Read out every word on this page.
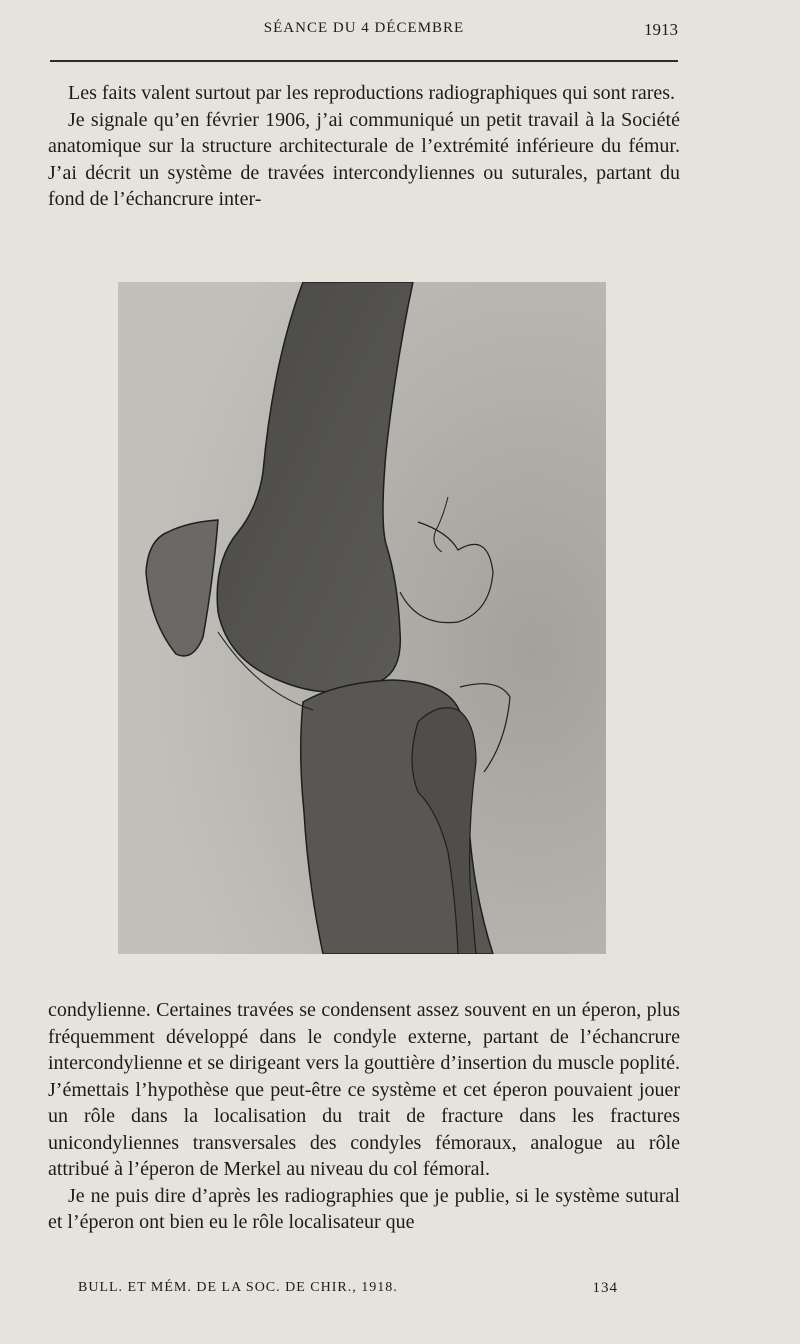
SÉANCE DU 4 DÉCEMBRE	1913

Les faits valent surtout par les reproductions radiographiques qui sont rares.

Je signale qu’en février 1906, j’ai communiqué un petit travail à la Société anatomique sur la structure architecturale de l’extrémité inférieure du fémur. J’ai décrit un système de travées intercondyliennes ou suturales, partant du fond de l’échancrure inter-

condylienne. Certaines travées se condensent assez souvent en un éperon, plus fréquemment développé dans le condyle externe, partant de l’échancrure intercondylienne et se dirigeant vers la gouttière d’insertion du muscle poplité. J’émettais l’hypothèse que peut-être ce système et cet éperon pouvaient jouer un rôle dans la localisation du trait de fracture dans les fractures unicondyliennes transversales des condyles fémoraux, analogue au rôle attribué à l’éperon de Merkel au niveau du col fémoral.

Je ne puis dire d’après les radiographies que je publie, si le système sutural et l’éperon ont bien eu le rôle localisateur que

BULL. ET MÉM. DE LA SOC. DE CHIR., 1918.	134
